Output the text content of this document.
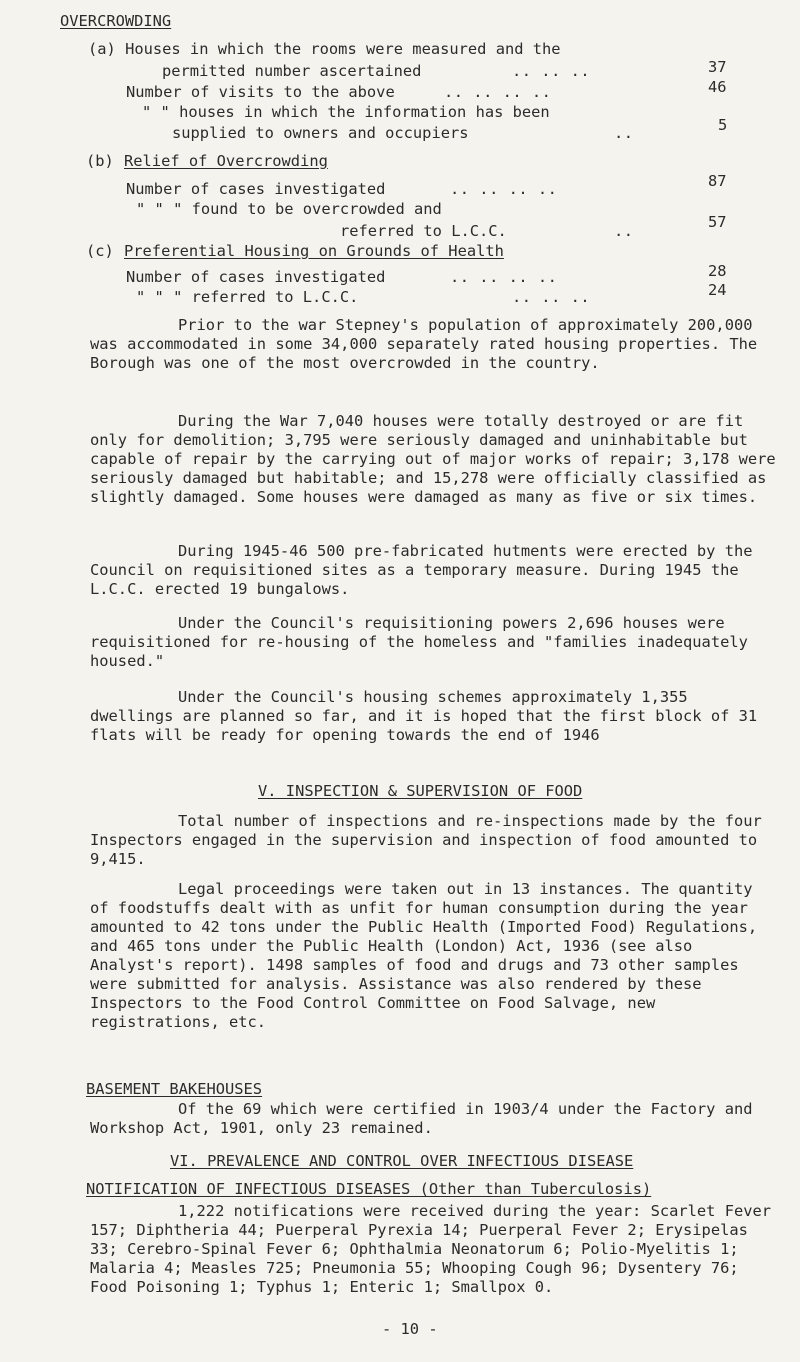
OVERCROWDING
(a) Houses in which the rooms were measured and the
permitted number ascertained	.. .. ..	37
Number of visits to the above	.. .. .. ..	46
" " houses in which the information has been
supplied to owners and occupiers	..	5
(b) Relief of Overcrowding
Number of cases investigated	.. .. .. ..	87
" " " found to be overcrowded and
referred to L.C.C.	..	57
(c) Preferential Housing on Grounds of Health
Number of cases investigated	.. .. .. ..	28
" " " referred to L.C.C.	.. .. ..	24

Prior to the war Stepney's population of approximately 200,000 was accommodated in some 34,000 separately rated housing properties. The Borough was one of the most overcrowded in the country.

During the War 7,040 houses were totally destroyed or are fit only for demolition; 3,795 were seriously damaged and uninhabitable but capable of repair by the carrying out of major works of repair; 3,178 were seriously damaged but habitable; and 15,278 were officially classified as slightly damaged. Some houses were damaged as many as five or six times.

During 1945-46 500 pre-fabricated hutments were erected by the Council on requisitioned sites as a temporary measure. During 1945 the L.C.C. erected 19 bungalows.

Under the Council's requisitioning powers 2,696 houses were requisitioned for re-housing of the homeless and "families inadequately housed."

Under the Council's housing schemes approximately 1,355 dwellings are planned so far, and it is hoped that the first block of 31 flats will be ready for opening towards the end of 1946

V. INSPECTION & SUPERVISION OF FOOD

Total number of inspections and re-inspections made by the four Inspectors engaged in the supervision and inspection of food amounted to 9,415.

Legal proceedings were taken out in 13 instances. The quantity of foodstuffs dealt with as unfit for human consumption during the year amounted to 42 tons under the Public Health (Imported Food) Regulations, and 465 tons under the Public Health (London) Act, 1936 (see also Analyst's report). 1498 samples of food and drugs and 73 other samples were submitted for analysis. Assistance was also rendered by these Inspectors to the Food Control Committee on Food Salvage, new registrations, etc.

BASEMENT BAKEHOUSES

Of the 69 which were certified in 1903/4 under the Factory and Workshop Act, 1901, only 23 remained.

VI. PREVALENCE AND CONTROL OVER INFECTIOUS DISEASE
NOTIFICATION OF INFECTIOUS DISEASES (Other than Tuberculosis)

1,222 notifications were received during the year: Scarlet Fever 157; Diphtheria 44; Puerperal Pyrexia 14; Puerperal Fever 2; Erysipelas 33; Cerebro-Spinal Fever 6; Ophthalmia Neonatorum 6; Polio-Myelitis 1; Malaria 4; Measles 725; Pneumonia 55; Whooping Cough 96; Dysentery 76; Food Poisoning 1; Typhus 1; Enteric 1; Smallpox 0.

- 10 -
